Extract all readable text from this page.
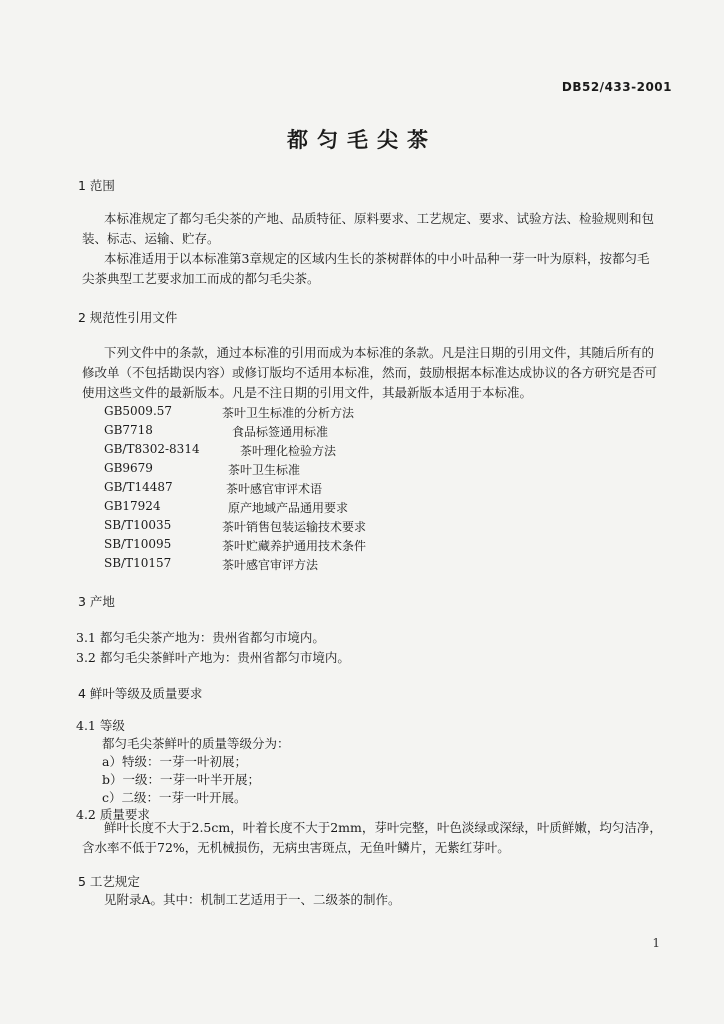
DB52/433-2001
都匀毛尖茶
1 范围
本标准规定了都匀毛尖茶的产地、品质特征、原料要求、工艺规定、要求、试验方法、检验规则和包
装、标志、运输、贮存。
本标准适用于以本标准第3章规定的区域内生长的茶树群体的中小叶品种一芽一叶为原料，按都匀毛
尖茶典型工艺要求加工而成的都匀毛尖茶。
2 规范性引用文件
下列文件中的条款，通过本标准的引用而成为本标准的条款。凡是注日期的引用文件，其随后所有的
修改单（不包括勘误内容）或修订版均不适用本标准，然而，鼓励根据本标准达成协议的各方研究是否可
使用这些文件的最新版本。凡是不注日期的引用文件，其最新版本适用于本标准。
GB5009.57	茶叶卫生标准的分析方法
GB7718	食品标签通用标准
GB/T8302-8314	茶叶理化检验方法
GB9679	茶叶卫生标准
GB/T14487	茶叶感官审评术语
GB17924	原产地域产品通用要求
SB/T10035	茶叶销售包装运输技术要求
SB/T10095	茶叶贮藏养护通用技术条件
SB/T10157	茶叶感官审评方法
3 产地
3.1 都匀毛尖茶产地为：贵州省都匀市境内。
3.2 都匀毛尖茶鲜叶产地为：贵州省都匀市境内。
4 鲜叶等级及质量要求
4.1 等级
都匀毛尖茶鲜叶的质量等级分为：
a）特级：一芽一叶初展；
b）一级：一芽一叶半开展；
c）二级：一芽一叶开展。
4.2 质量要求
鲜叶长度不大于2.5cm，叶着长度不大于2mm，芽叶完整，叶色淡绿或深绿，叶质鲜嫩，均匀洁净，
含水率不低于72%，无机械损伤，无病虫害斑点，无鱼叶鳞片，无紫红芽叶。
5 工艺规定
见附录A。其中：机制工艺适用于一、二级茶的制作。
1
